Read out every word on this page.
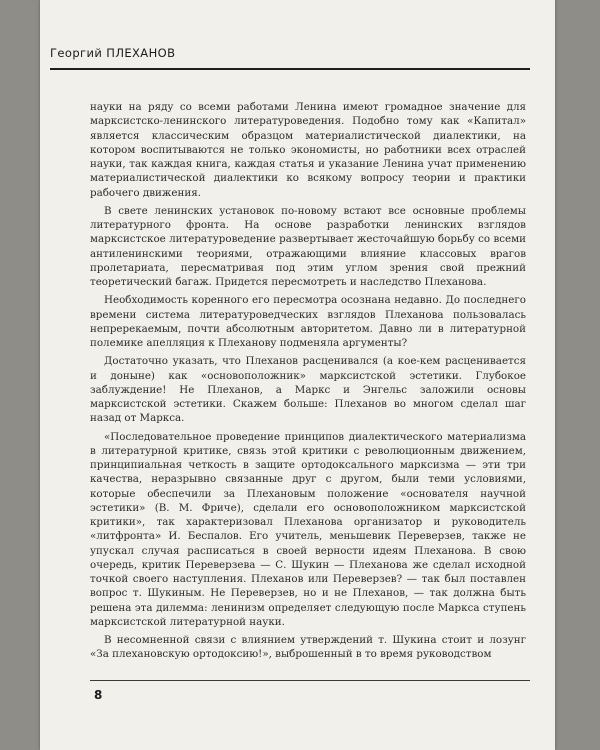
Георгий ПЛЕХАНОВ

науки на ряду со всеми работами Ленина имеют громадное значение для марксистско-ленинского литературоведения. Подобно тому как «Капитал» является классическим образцом материалистической диалектики, на котором воспитываются не только экономисты, но работники всех отраслей науки, так каждая книга, каждая статья и указание Ленина учат применению материалистической диалектики ко всякому вопросу теории и практики рабочего движения.

В свете ленинских установок по-новому встают все основные проблемы литературного фронта. На основе разработки ленинских взглядов марксистское литературоведение развертывает жесточайшую борьбу со всеми антиленинскими теориями, отражающими влияние классовых врагов пролетариата, пересматривая под этим углом зрения свой прежний теоретический багаж. Придется пересмотреть и наследство Плеханова.

Необходимость коренного его пересмотра осознана недавно. До последнего времени система литературоведческих взглядов Плеханова пользовалась непререкаемым, почти абсолютным авторитетом. Давно ли в литературной полемике апелляция к Плеханову подменяла аргументы?

Достаточно указать, что Плеханов расценивался (а кое-кем расценивается и доныне) как «основоположник» марксистской эстетики. Глубокое заблуждение! Не Плеханов, а Маркс и Энгельс заложили основы марксистской эстетики. Скажем больше: Плеханов во многом сделал шаг назад от Маркса.

«Последовательное проведение принципов диалектического материализма в литературной критике, связь этой критики с революционным движением, принципиальная четкость в защите ортодоксального марксизма — эти три качества, неразрывно связанные друг с другом, были теми условиями, которые обеспечили за Плехановым положение «основателя научной эстетики» (В. М. Фриче), сделали его основоположником марксистской критики», так характеризовал Плеханова организатор и руководитель «литфронта» И. Беспалов. Его учитель, меньшевик Переверзев, также не упускал случая расписаться в своей верности идеям Плеханова. В свою очередь, критик Переверзева — С. Шукин — Плеханова же сделал исходной точкой своего наступления. Плеханов или Переверзев? — так был поставлен вопрос т. Шукиным. Не Переверзев, но и не Плеханов, — так должна быть решена эта дилемма: ленинизм определяет следующую после Маркса ступень марксистской литературной науки.

В несомненной связи с влиянием утверждений т. Шукина стоит и лозунг «За плехановскую ортодоксию!», выброшенный в то время руководством

8
